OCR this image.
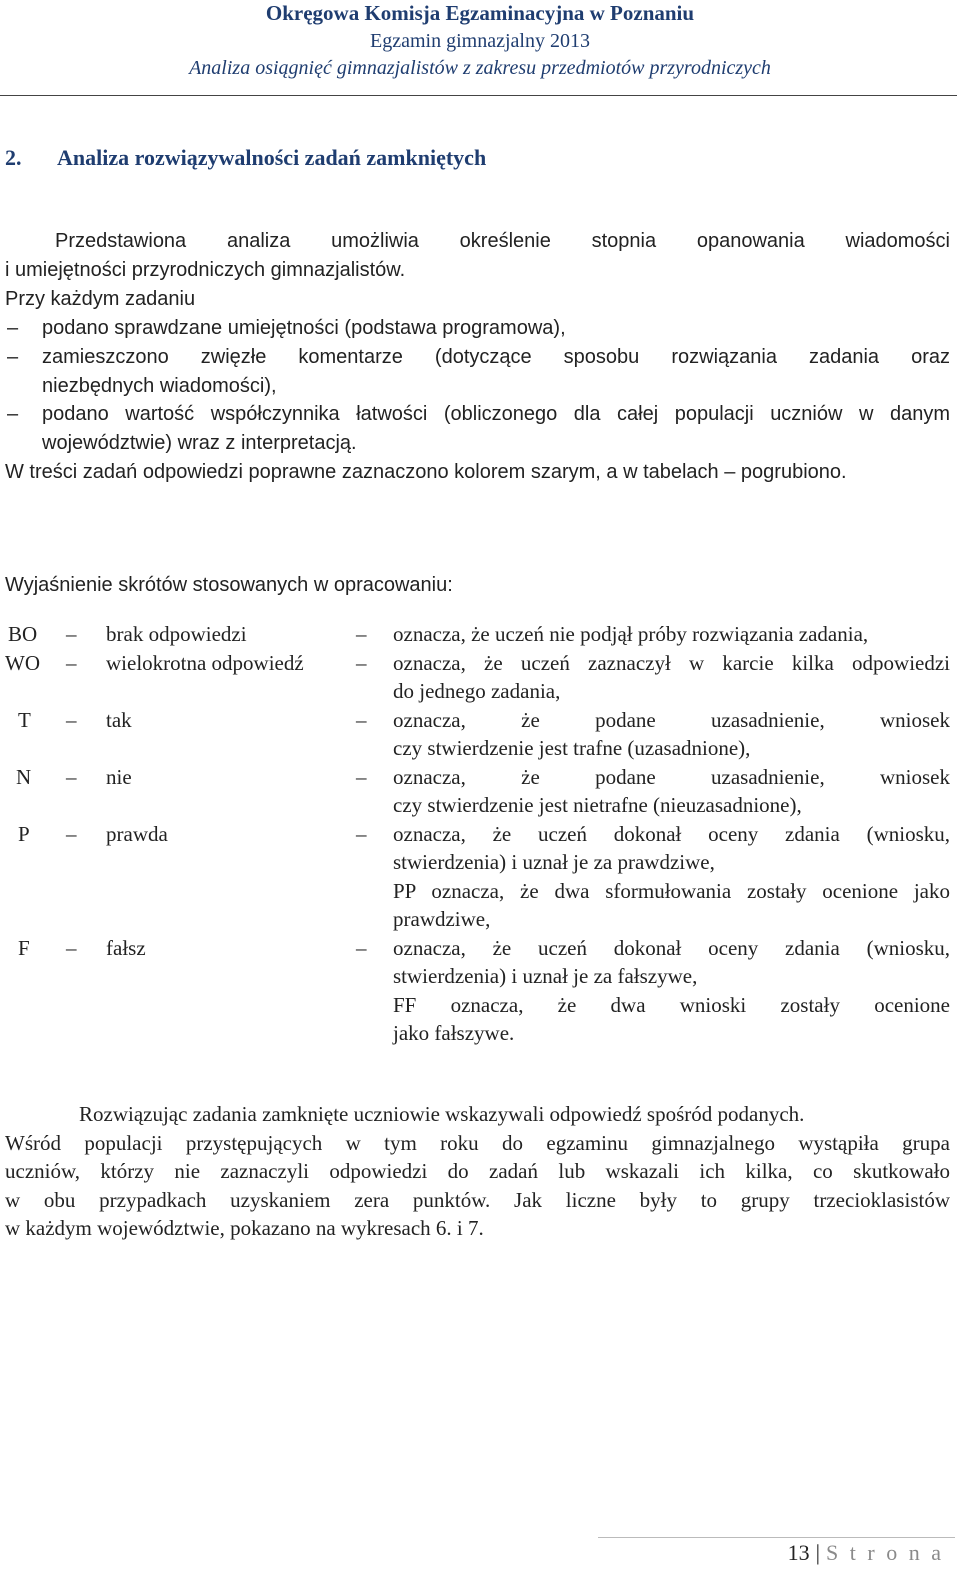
Okręgowa Komisja Egzaminacyjna w Poznaniu
Egzamin gimnazjalny 2013
Analiza osiągnięć gimnazjalistów z zakresu przedmiotów przyrodniczych
2. Analiza rozwiązywalności zadań zamkniętych
Przedstawiona analiza umożliwia określenie stopnia opanowania wiadomości
i umiejętności przyrodniczych gimnazjalistów.
Przy każdym zadaniu
– podano sprawdzane umiejętności (podstawa programowa),
– zamieszczono zwięzłe komentarze (dotyczące sposobu rozwiązania zadania oraz
niezbędnych wiadomości),
– podano wartość współczynnika łatwości (obliczonego dla całej populacji uczniów w danym
województwie) wraz z interpretacją.
W treści zadań odpowiedzi poprawne zaznaczono kolorem szarym, a w tabelach – pogrubiono.
Wyjaśnienie skrótów stosowanych w opracowaniu:
BO – brak odpowiedzi	– oznacza, że uczeń nie podjął próby rozwiązania zadania,
WO – wielokrotna odpowiedź – oznacza, że uczeń zaznaczył w karcie kilka odpowiedzi
do jednego zadania,
T – tak	– oznacza, że podane uzasadnienie, wniosek
czy stwierdzenie jest trafne (uzasadnione),
N – nie	– oznacza, że podane uzasadnienie, wniosek
czy stwierdzenie jest nietrafne (nieuzasadnione),
P – prawda	– oznacza, że uczeń dokonał oceny zdania (wniosku,
stwierdzenia) i uznał je za prawdziwe,
PP oznacza, że dwa sformułowania zostały ocenione jako
prawdziwe,
F – fałsz	– oznacza, że uczeń dokonał oceny zdania (wniosku,
stwierdzenia) i uznał je za fałszywe,
FF oznacza, że dwa wnioski zostały ocenione
jako fałszywe.
Rozwiązując zadania zamknięte uczniowie wskazywali odpowiedź spośród podanych.
Wśród populacji przystępujących w tym roku do egzaminu gimnazjalnego wystąpiła grupa
uczniów, którzy nie zaznaczyli odpowiedzi do zadań lub wskazali ich kilka, co skutkowało
w obu przypadkach uzyskaniem zera punktów. Jak liczne były to grupy trzecioklasistów
w każdym województwie, pokazano na wykresach 6. i 7.
13 | S t r o n a
